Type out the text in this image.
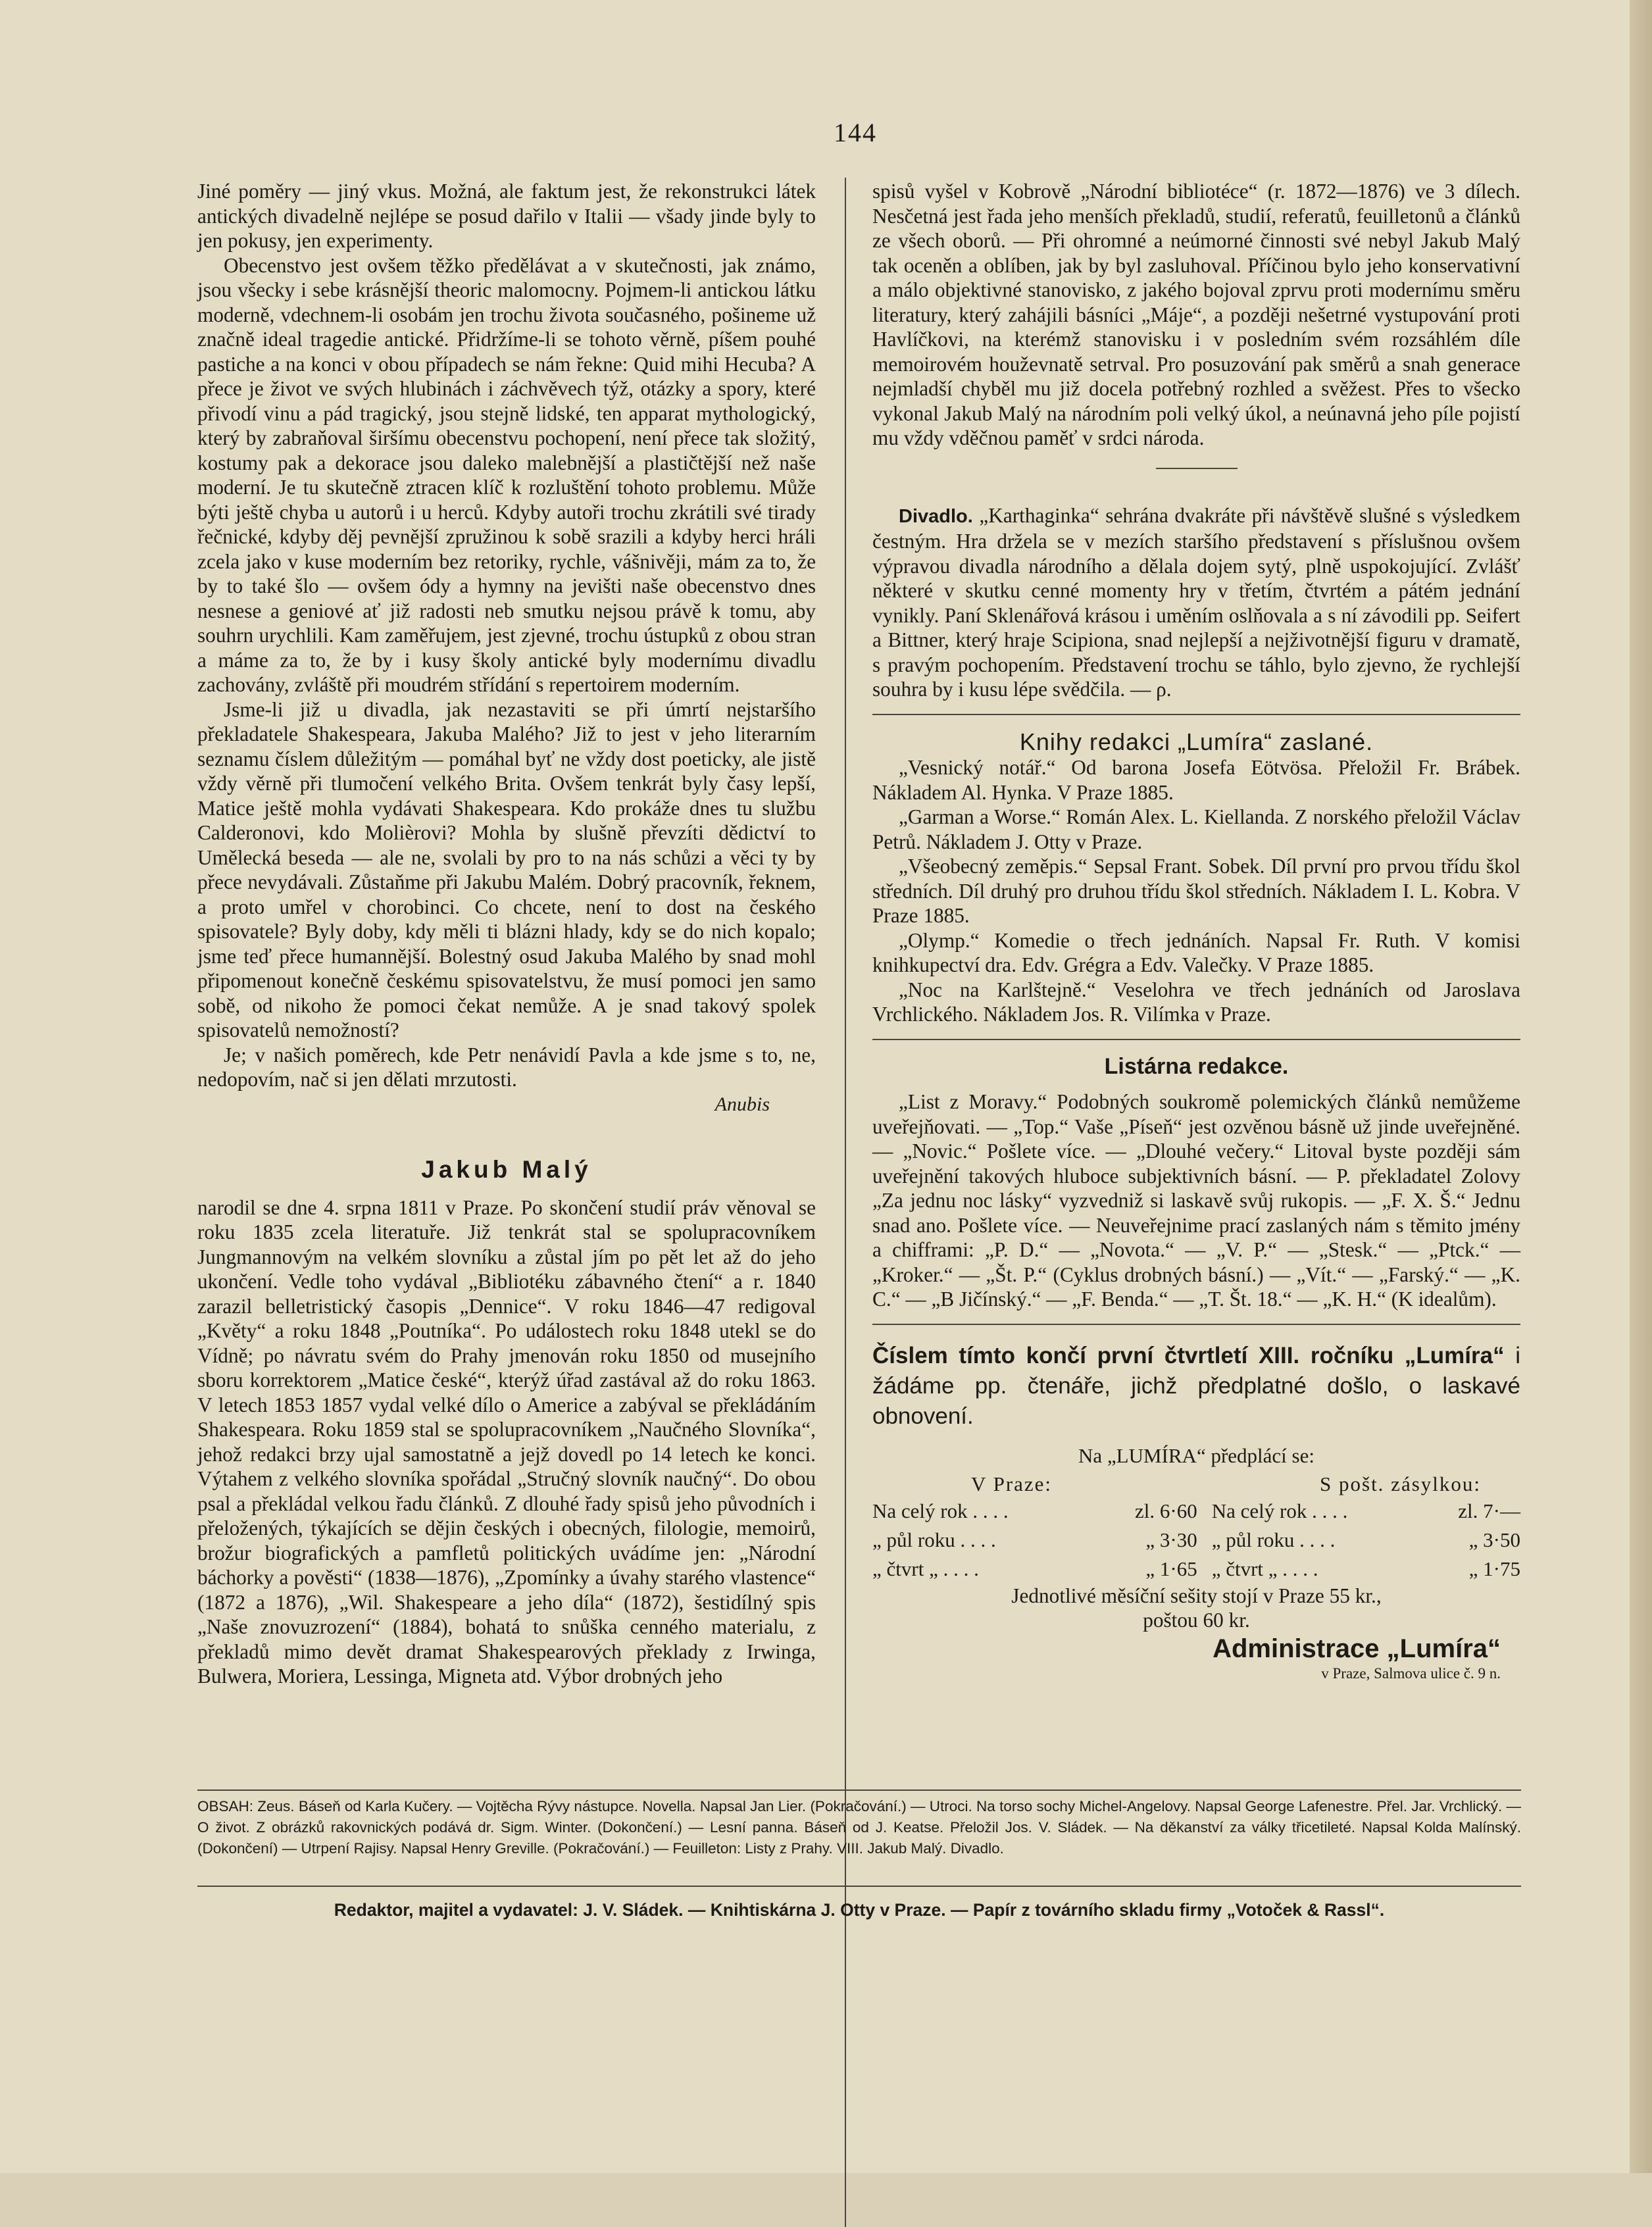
144

Jiné poměry — jiný vkus. Možná, ale faktum jest, že rekonstrukci látek antických divadelně nejlépe se posud dařilo v Italii — všady jinde byly to jen pokusy, jen experimenty.

Obecenstvo jest ovšem těžko předělávat a v skutečnosti, jak známo, jsou všecky i sebe krásnější theoric malomocny. Pojmem-li antickou látku moderně, vdechnem-li osobám jen trochu života současného, pošineme už značně ideal tragedie antické. Přidržíme-li se tohoto věrně, píšem pouhé pastiche a na konci v obou případech se nám řekne: Quid mihi Hecuba? A přece je život ve svých hlubinách i záchvěvech týž, otázky a spory, které přivodí vinu a pád tragický, jsou stejně lidské, ten apparat mythologický, který by zabraňoval širšímu obecenstvu pochopení, není přece tak složitý, kostumy pak a dekorace jsou daleko malebnější a plastičtější než naše moderní. Je tu skutečně ztracen klíč k rozluštění tohoto problemu. Může býti ještě chyba u autorů i u herců. Kdyby autoři trochu zkrátili své tirady řečnické, kdyby děj pevnější zpružinou k sobě srazili a kdyby herci hráli zcela jako v kuse moderním bez retoriky, rychle, vášnivěji, mám za to, že by to také šlo — ovšem ódy a hymny na jevišti naše obecenstvo dnes nesnese a geniové ať již radosti neb smutku nejsou právě k tomu, aby souhrn urychlili. Kam zaměřujem, jest zjevné, trochu ústupků z obou stran a máme za to, že by i kusy školy antické byly modernímu divadlu zachovány, zvláště při moudrém střídání s repertoirem moderním.

Jsme-li již u divadla, jak nezastaviti se při úmrtí nejstaršího překladatele Shakespeara, Jakuba Malého? Již to jest v jeho literarním seznamu číslem důležitým — pomáhal byť ne vždy dost poeticky, ale jistě vždy věrně při tlumočení velkého Brita. Ovšem tenkrát byly časy lepší, Matice ještě mohla vydávati Shakespeara. Kdo prokáže dnes tu službu Calderonovi, kdo Molièrovi? Mohla by slušně převzíti dědictví to Umělecká beseda — ale ne, svolali by pro to na nás schůzi a věci ty by přece nevydávali. Zůstaňme při Jakubu Malém. Dobrý pracovník, řeknem, a proto umřel v chorobinci. Co chcete, není to dost na českého spisovatele? Byly doby, kdy měli ti blázni hlady, kdy se do nich kopalo; jsme teď přece humannější. Bolestný osud Jakuba Malého by snad mohl připomenout konečně českému spisovatelstvu, že musí pomoci jen samo sobě, od nikoho že pomoci čekat nemůže. A je snad takový spolek spisovatelů nemožností?

Je; v našich poměrech, kde Petr nenávidí Pavla a kde jsme s to, ne, nedopovím, nač si jen dělati mrzutosti.

Anubis

Jakub Malý

narodil se dne 4. srpna 1811 v Praze. Po skončení studií práv věnoval se roku 1835 zcela literatuře. Již tenkrát stal se spolupracovníkem Jungmannovým na velkém slovníku a zůstal jím po pět let až do jeho ukončení. Vedle toho vydával „Bibliotéku zábavného čtení“ a r. 1840 zarazil belletristický časopis „Dennice“. V roku 1846—47 redigoval „Květy“ a roku 1848 „Poutníka“. Po událostech roku 1848 utekl se do Vídně; po návratu svém do Prahy jmenován roku 1850 od musejního sboru korrektorem „Matice české“, kterýž úřad zastával až do roku 1863. V letech 1853 1857 vydal velké dílo o Americe a zabýval se překládáním Shakespeara. Roku 1859 stal se spolupracovníkem „Naučného Slovníka“, jehož redakci brzy ujal samostatně a jejž dovedl po 14 letech ke konci. Výtahem z velkého slovníka spořádal „Stručný slovník naučný“. Do obou psal a překládal velkou řadu článků. Z dlouhé řady spisů jeho původních i přeložených, týkajících se dějin českých i obecných, filologie, memoirů, brožur biografických a pamfletů politických uvádíme jen: „Národní báchorky a pověsti“ (1838—1876), „Zpomínky a úvahy starého vlastence“ (1872 a 1876), „Wil. Shakespeare a jeho díla“ (1872), šestidílný spis „Naše znovuzrození“ (1884), bohatá to snůška cenného materialu, z překladů mimo devět dramat Shakespearových překlady z Irwinga, Bulwera, Moriera, Lessinga, Migneta atd. Výbor drobných jeho

spisů vyšel v Kobrově „Národní bibliotéce“ (r. 1872—1876) ve 3 dílech. Nesčetná jest řada jeho menších překladů, studií, referatů, feuilletonů a článků ze všech oborů. — Při ohromné a neúmorné činnosti své nebyl Jakub Malý tak oceněn a oblíben, jak by byl zasluhoval. Příčinou bylo jeho konservativní a málo objektivné stanovisko, z jakého bojoval zprvu proti modernímu směru literatury, který zahájili básníci „Máje“, a později nešetrné vystupování proti Havlíčkovi, na kterémž stanovisku i v posledním svém rozsáhlém díle memoirovém houževnatě setrval. Pro posuzování pak směrů a snah generace nejmladší chyběl mu již docela potřebný rozhled a svěžest. Přes to všecko vykonal Jakub Malý na národním poli velký úkol, a neúnavná jeho píle pojistí mu vždy vděčnou paměť v srdci národa.

Divadlo. „Karthaginka“ sehrána dvakráte při návštěvě slušné s výsledkem čestným. Hra držela se v mezích staršího představení s příslušnou ovšem výpravou divadla národního a dělala dojem sytý, plně uspokojující. Zvlášť některé v skutku cenné momenty hry v třetím, čtvrtém a pátém jednání vynikly. Paní Sklenářová krásou i uměním oslňovala a s ní závodili pp. Seifert a Bittner, který hraje Scipiona, snad nejlepší a nejživotnější figuru v dramatě, s pravým pochopením. Představení trochu se táhlo, bylo zjevno, že rychlejší souhra by i kusu lépe svědčila. — ρ.

Knihy redakci „Lumíra“ zaslané.

„Vesnický notář.“ Od barona Josefa Eötvösa. Přeložil Fr. Brábek. Nákladem Al. Hynka. V Praze 1885.

„Garman a Worse.“ Román Alex. L. Kiellanda. Z norského přeložil Václav Petrů. Nákladem J. Otty v Praze.

„Všeobecný zeměpis.“ Sepsal Frant. Sobek. Díl první pro prvou třídu škol středních. Díl druhý pro druhou třídu škol středních. Nákladem I. L. Kobra. V Praze 1885.

„Olymp.“ Komedie o třech jednáních. Napsal Fr. Ruth. V komisi knihkupectví dra. Edv. Grégra a Edv. Valečky. V Praze 1885.

„Noc na Karlštejně.“ Veselohra ve třech jednáních od Jaroslava Vrchlického. Nákladem Jos. R. Vilímka v Praze.

Listárna redakce.

„List z Moravy.“ Podobných soukromě polemických článků nemůžeme uveřejňovati. — „Top.“ Vaše „Píseň“ jest ozvěnou básně už jinde uveřejněné. — „Novic.“ Pošlete více. — „Dlouhé večery.“ Litoval byste později sám uveřejnění takových hluboce subjektivních básní. — P. překladatel Zolovy „Za jednu noc lásky“ vyzvedniž si laskavě svůj rukopis. — „F. X. Š.“ Jednu snad ano. Pošlete více. — Neuveřejnime prací zaslaných nám s těmito jmény a chifframi: „P. D.“ — „Novota.“ — „V. P.“ — „Stesk.“ — „Ptck.“ — „Kroker.“ — „Št. P.“ (Cyklus drobných básní.) — „Vít.“ — „Farský.“ — „K. C.“ — „B Jičínský.“ — „F. Benda.“ — „T. Št. 18.“ — „K. H.“ (K idealům).

Číslem tímto končí první čtvrtletí XIII. ročníku „Lumíra“ i žádáme pp. čtenáře, jichž předplatné došlo, o laskavé obnovení.
Na „LUMÍRA“ předplácí se:
V Praze:	S pošt. zásylkou:
Na celý rok . . . .	zl. 6·60 Na celý rok . . . .	zl. 7·—
„ půl roku . . . .	„ 3·30 „ půl roku . . . .	„ 3·50
„ čtvrt „ . . . .	„ 1·65 „ čtvrt „ . . . .	„ 1·75
Jednotlivé měsíční sešity stojí v Praze 55 kr.,
poštou 60 kr.
Administrace „Lumíra“
v Praze, Salmova ulice č. 9 n.
OBSAH: Zeus. Báseň od Karla Kučery. — Vojtěcha Rývy nástupce. Novella. Napsal Jan Lier. (Pokračování.) — Utroci. Na torso sochy Michel-Angelovy. Napsal George Lafenestre. Přel. Jar. Vrchlický. — O život. Z obrázků rakovnických podává dr. Sigm. Winter. (Dokončení.) — Lesní panna. Báseň od J. Keatse. Přeložil Jos. V. Sládek. — Na děkanství za války třicetileté. Napsal Kolda Malínský. (Dokončení) — Utrpení Rajisy. Napsal Henry Greville. (Pokračování.) — Feuilleton: Listy z Prahy. VIII. Jakub Malý. Divadlo.
Redaktor, majitel a vydavatel: J. V. Sládek. — Knihtiskárna J. Otty v Praze. — Papír z továrního skladu firmy „Votoček & Rassl“.
